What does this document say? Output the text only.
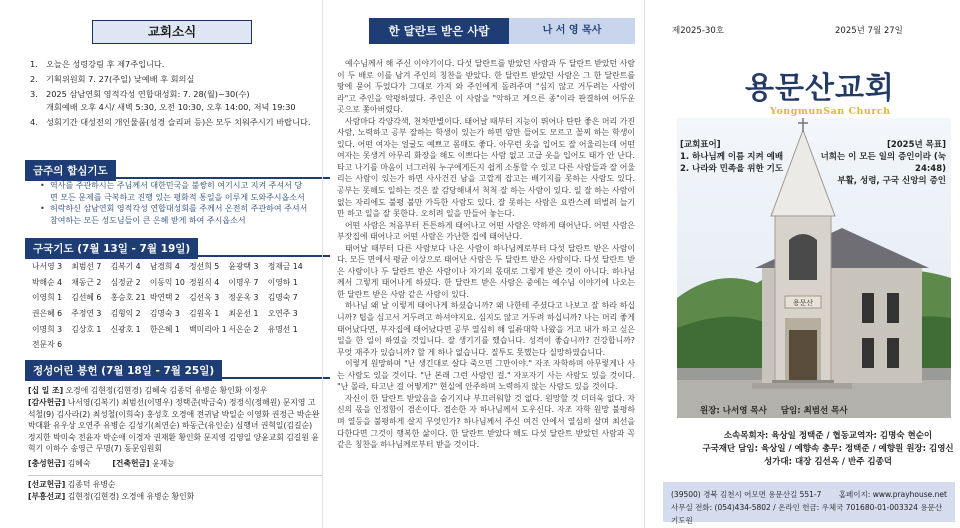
교회소식
1. 오늘은 성령강림 후 제7주입니다.
2. 기획위원회 7. 27(주일) 낮예배 후 회의실
3. 2025 삼남연회 영적각성 연합대성회: 7. 28(월)~30(수)
개회예배 오후 4시/ 새벽 5:30, 오전 10:30, 오후 14:00, 저녁 19:30
4. 성회기간 대성전의 개인물품(성경 슬리퍼 등)은 모두 치워주시기 바랍니다.
금주의 합심기도
• 역사를 주관하시는 주님께서 대한민국을 불쌍히 여기시고 지켜 주셔서 당면 모든 문제를 극복하고 진행 있는 평화적 통일을 이루게 도와주시옵소서
• 허락하신 삼남연회 영적각성 연합대성회를 주께서 온전히 주관하여 주셔서 참여하는 모든 성도님들이 큰 은혜 받게 하여 주시옵소서
구국기도 (7월 13일 - 7월 19일)
나서영 3	최범선 7	김복기 4	남경희 4	정선희 5	윤광택 3	정재금 14
박해순 4	채동근 2	심정균 2	이동익 10 정원식 4	이명우 7	이영하 1
이영희 1	김선혜 6	홍승호 21 박연택 2	김선옥 3	정운옥 3	김명숙 7
권은혜 6	주정연 3	김형익 2	김명숙 3	김원옥 1	최운선 1	오연주 3
이명희 3	김상호 1	신광호 1	한은혜 1	백미리아 1 서은순 2	유명선 1
전문자 6
정성어린 봉헌 (7월 18일 - 7월 25일)
[십 일 조] 오경애 김현정(김현경) 김혜숙 김종덕 유병순 황인화 이정우
[감사헌금] 나서영(김복기) 최범선(이명우) 정택준(박금숙) 정정식(정해원) 문지영 고석철(9) 김사라(2) 최성철(이희숙) 홍성호 오경애 전귀남 박일순 이영화 권정근 박순완 박대환 유우상 오연주 유병순 김성기(최연순) 하동근(유인순) 심행녀 권혁일(김길순) 정지한 박미숙 전윤자 박순애 이경자 권재환 황인화 문지영 김영일 양윤교회 김길원 윤혁기 이하수 송영근 무명(7) 동문임원회
[충성헌금] 김혜숙	[건축헌금] 윤재능
[선교헌금] 김종덕 유병순
[부흥선교] 김현정(김현경) 오경애 유병순 황인화
한 달란트 받은 사람	나 서 영 목사

예수님께서 해 주신 이야기이다. 다섯 달란트를 받았던 사람과 두 달란트 받았던 사람이 두 배로 이를 남겨 주인의 칭찬을 받았다. 한 달란트 받았던 사람은 그 한 달란트를 땅에 묻어 두었다가 그대로 가져 와 주인에게 돌려주며 "심지 않고 거두려는 사람이라"고 주인을 악평하였다. 주인은 이 사람을 "악하고 게으른 종"이라 판결하여 어두운 곳으로 쫓아버렸다.

사람마다 각양각색, 천차만별이다. 태어날 때부터 지능이 뛰어나 탄탄 좋은 머리 가진 사람, 노력하고 공부 잘하는 학생이 있는가 하면 암만 들어도 모르고 꼴찌 하는 학생이 있다. 어떤 여자는 얼굴도 예쁘고 몸매도 좋다. 아무런 옷을 입어도 잘 어울리는데 어떤 여자는 못생겨 아무리 화장을 해도 이쁘다는 사람 없고 고급 옷을 입어도 태가 안 난다. 타고 나기를 마음이 너그러워 누구에게든지 쉽게 소통할 수 있고 다른 사람들과 잘 어울리는 사람이 있는가 하면 사사건건 남을 고깝게 잡고는 배기지를 못하는 사람도 있다. 공부는 못해도 일하는 것은 잘 감당해내서 척척 잘 하는 사람이 있다. 일 잘 하는 사람이 없는 자리에도 불평 불만 가득한 사람도 있다. 잘 못하는 사람은 요란스레 떠벌려 늘기만 하고 일을 잘 못한다. 오히려 일을 만들어 놓는다.

어떤 사람은 처음부터 튼튼하게 태어나고 어떤 사람은 약하게 태어난다. 어떤 사람은 부잣집에 태어나고 어떤 사람은 가난한 집에 태어난다.

태어날 때부터 다른 사람보다 나은 사람이 하나님께로부터 다섯 달란트 받은 사람이다. 모든 면에서 평균 이상으로 태어난 사람은 두 달란트 받은 사람이다. 다섯 달란트 받은 사람이나 두 달란트 받은 사람이나 자기의 몫대로 그렇게 받은 것이 아니다. 하나님께서 그렇게 태어나게 하셨다. 한 달란트 받은 사람은 중에는 예수님 이야기에 나오는 한 달란트 받은 사람 같은 사람이 있다.

하나님 왜 날 이렇게 태어나게 하셨습니까? 왜 나한테 주셨다고 나보고 잘 하라 하십니까? 팁을 심고서 거두려고 하셔야지요. 심지도 않고 거두려 하십니까? 나는 머리 좋게 태어났다면, 부자집에 태어났다면 공부 열심히 해 일류대학 나왔을 거고 내가 하고 싶은 일을 한 일이 하였을 것입니다. 잘 생기기를 했습니다. 성격이 좋습니까? 건강합니까? 무엇 재주가 있습니까? 할 게 하나 없습니다. 질투도 못했는다 실망하였습니다.

이렇게 원망하며 "난 생긴대로 살다 죽으면 그만이야." 자조 자학하며 아무렇게나 사는 사람도 있을 것이다. "난 본래 그런 사람인 걸." 자포자기 사는 사람도 있을 것이다. "난 몰라, 타고난 걸 어떻게?" 현실에 안주하며 노력하지 않는 사람도 있을 것이다.

자신이 한 달란트 받았음을 숨기지냐 부끄러워할 것 없다. 원망할 것 더더욱 없다. 자신의 몫을 인정함이 겸손이다. 겸손한 자 하나님께서 도우신다. 자조 자학 원망 불평하며 열등을 불평하게 살지 무엇인가? 하나님께서 주신 여건 안에서 열심히 살며 최선을 다한다면 그것이 행복한 삶이다. 한 달란트 받았다 해도 다섯 달란트 받았던 사람과 꼭 같은 칭찬을 하나님께로부터 받을 것이다.

제2025-30호	2025년 7월 27일
용문산교회
YongmunSan Church
용문산
[교회표어]
1. 하나님께 이름 지켜 예배
2. 나라와 민족을 위한 기도
[2025년 목표]
너희는 이 모든 일의 증인이라 (눅24:48)
부활, 성령, 구국 신앙의 증인
원장: 나서영 목사 담임: 최범선 목사
소속목회자: 육상일 정택준 / 협동교역자: 김명숙 현순이
구국재단 담임: 육상일 / 예향속 총무: 정택준 / 예향원 원장: 김영신
성가대: 대장 김선옥 / 반주 김종덕
(39500) 경북 김천시 어모면 용문산길 551-7 홈페이지: www.prayhouse.net
사무실 전화: (054)434-5802 / 온라인 헌금: 우체국 701680-01-003324 용문산기도원
